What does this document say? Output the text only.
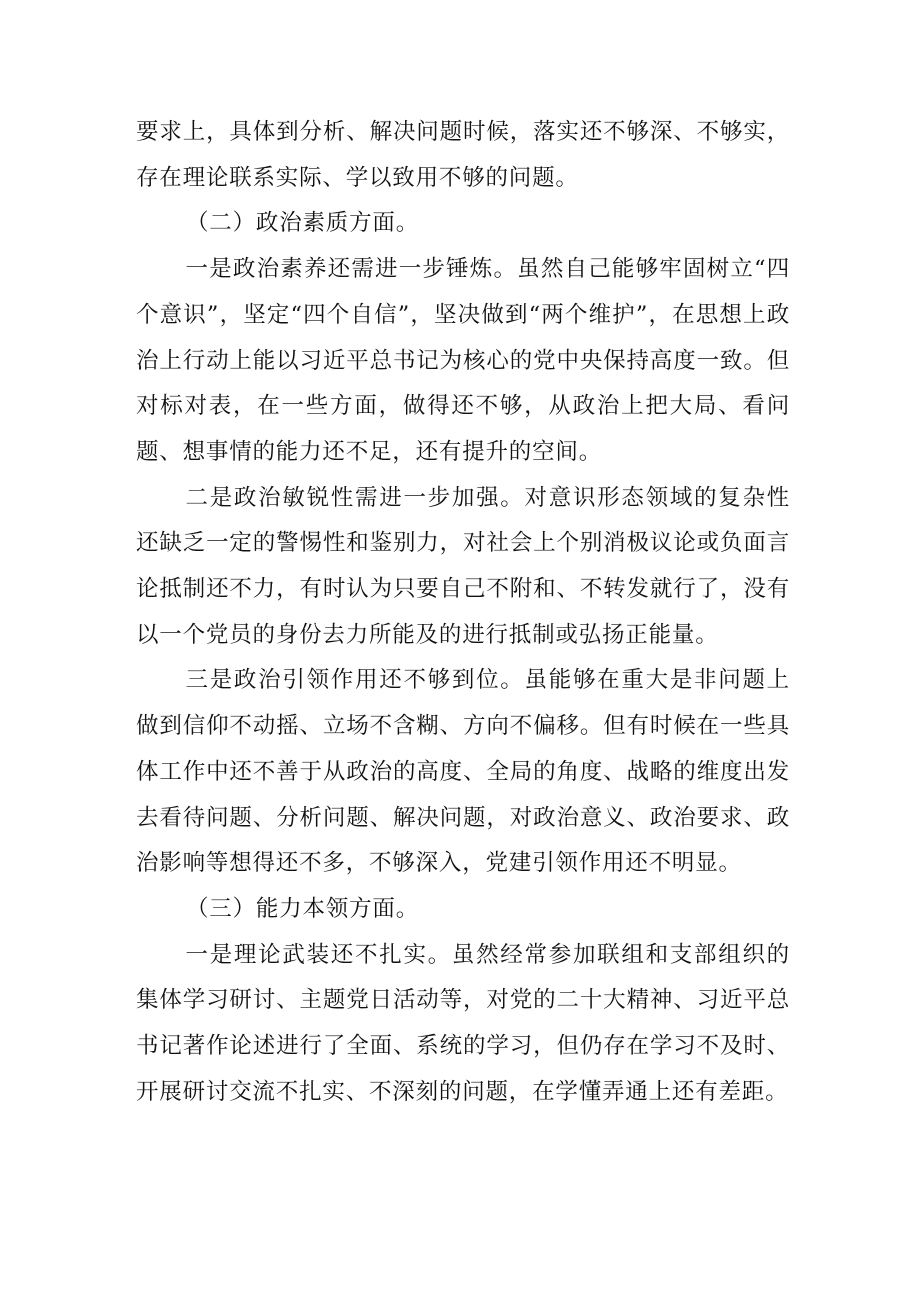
要求上，具体到分析、解决问题时候，落实还不够深、不够实，存在理论联系实际、学以致用不够的问题。

（二）政治素质方面。

一是政治素养还需进一步锤炼。虽然自己能够牢固树立“四个意识”，坚定“四个自信”，坚决做到“两个维护”，在思想上政治上行动上能以习近平总书记为核心的党中央保持高度一致。但对标对表，在一些方面，做得还不够，从政治上把大局、看问题、想事情的能力还不足，还有提升的空间。

二是政治敏锐性需进一步加强。对意识形态领域的复杂性还缺乏一定的警惕性和鉴别力，对社会上个别消极议论或负面言论抵制还不力，有时认为只要自己不附和、不转发就行了，没有以一个党员的身份去力所能及的进行抵制或弘扬正能量。

三是政治引领作用还不够到位。虽能够在重大是非问题上做到信仰不动摇、立场不含糊、方向不偏移。但有时候在一些具体工作中还不善于从政治的高度、全局的角度、战略的维度出发去看待问题、分析问题、解决问题，对政治意义、政治要求、政治影响等想得还不多，不够深入，党建引领作用还不明显。

（三）能力本领方面。

一是理论武装还不扎实。虽然经常参加联组和支部组织的集体学习研讨、主题党日活动等，对党的二十大精神、习近平总书记著作论述进行了全面、系统的学习，但仍存在学习不及时、开展研讨交流不扎实、不深刻的问题，在学懂弄通上还有差距。
